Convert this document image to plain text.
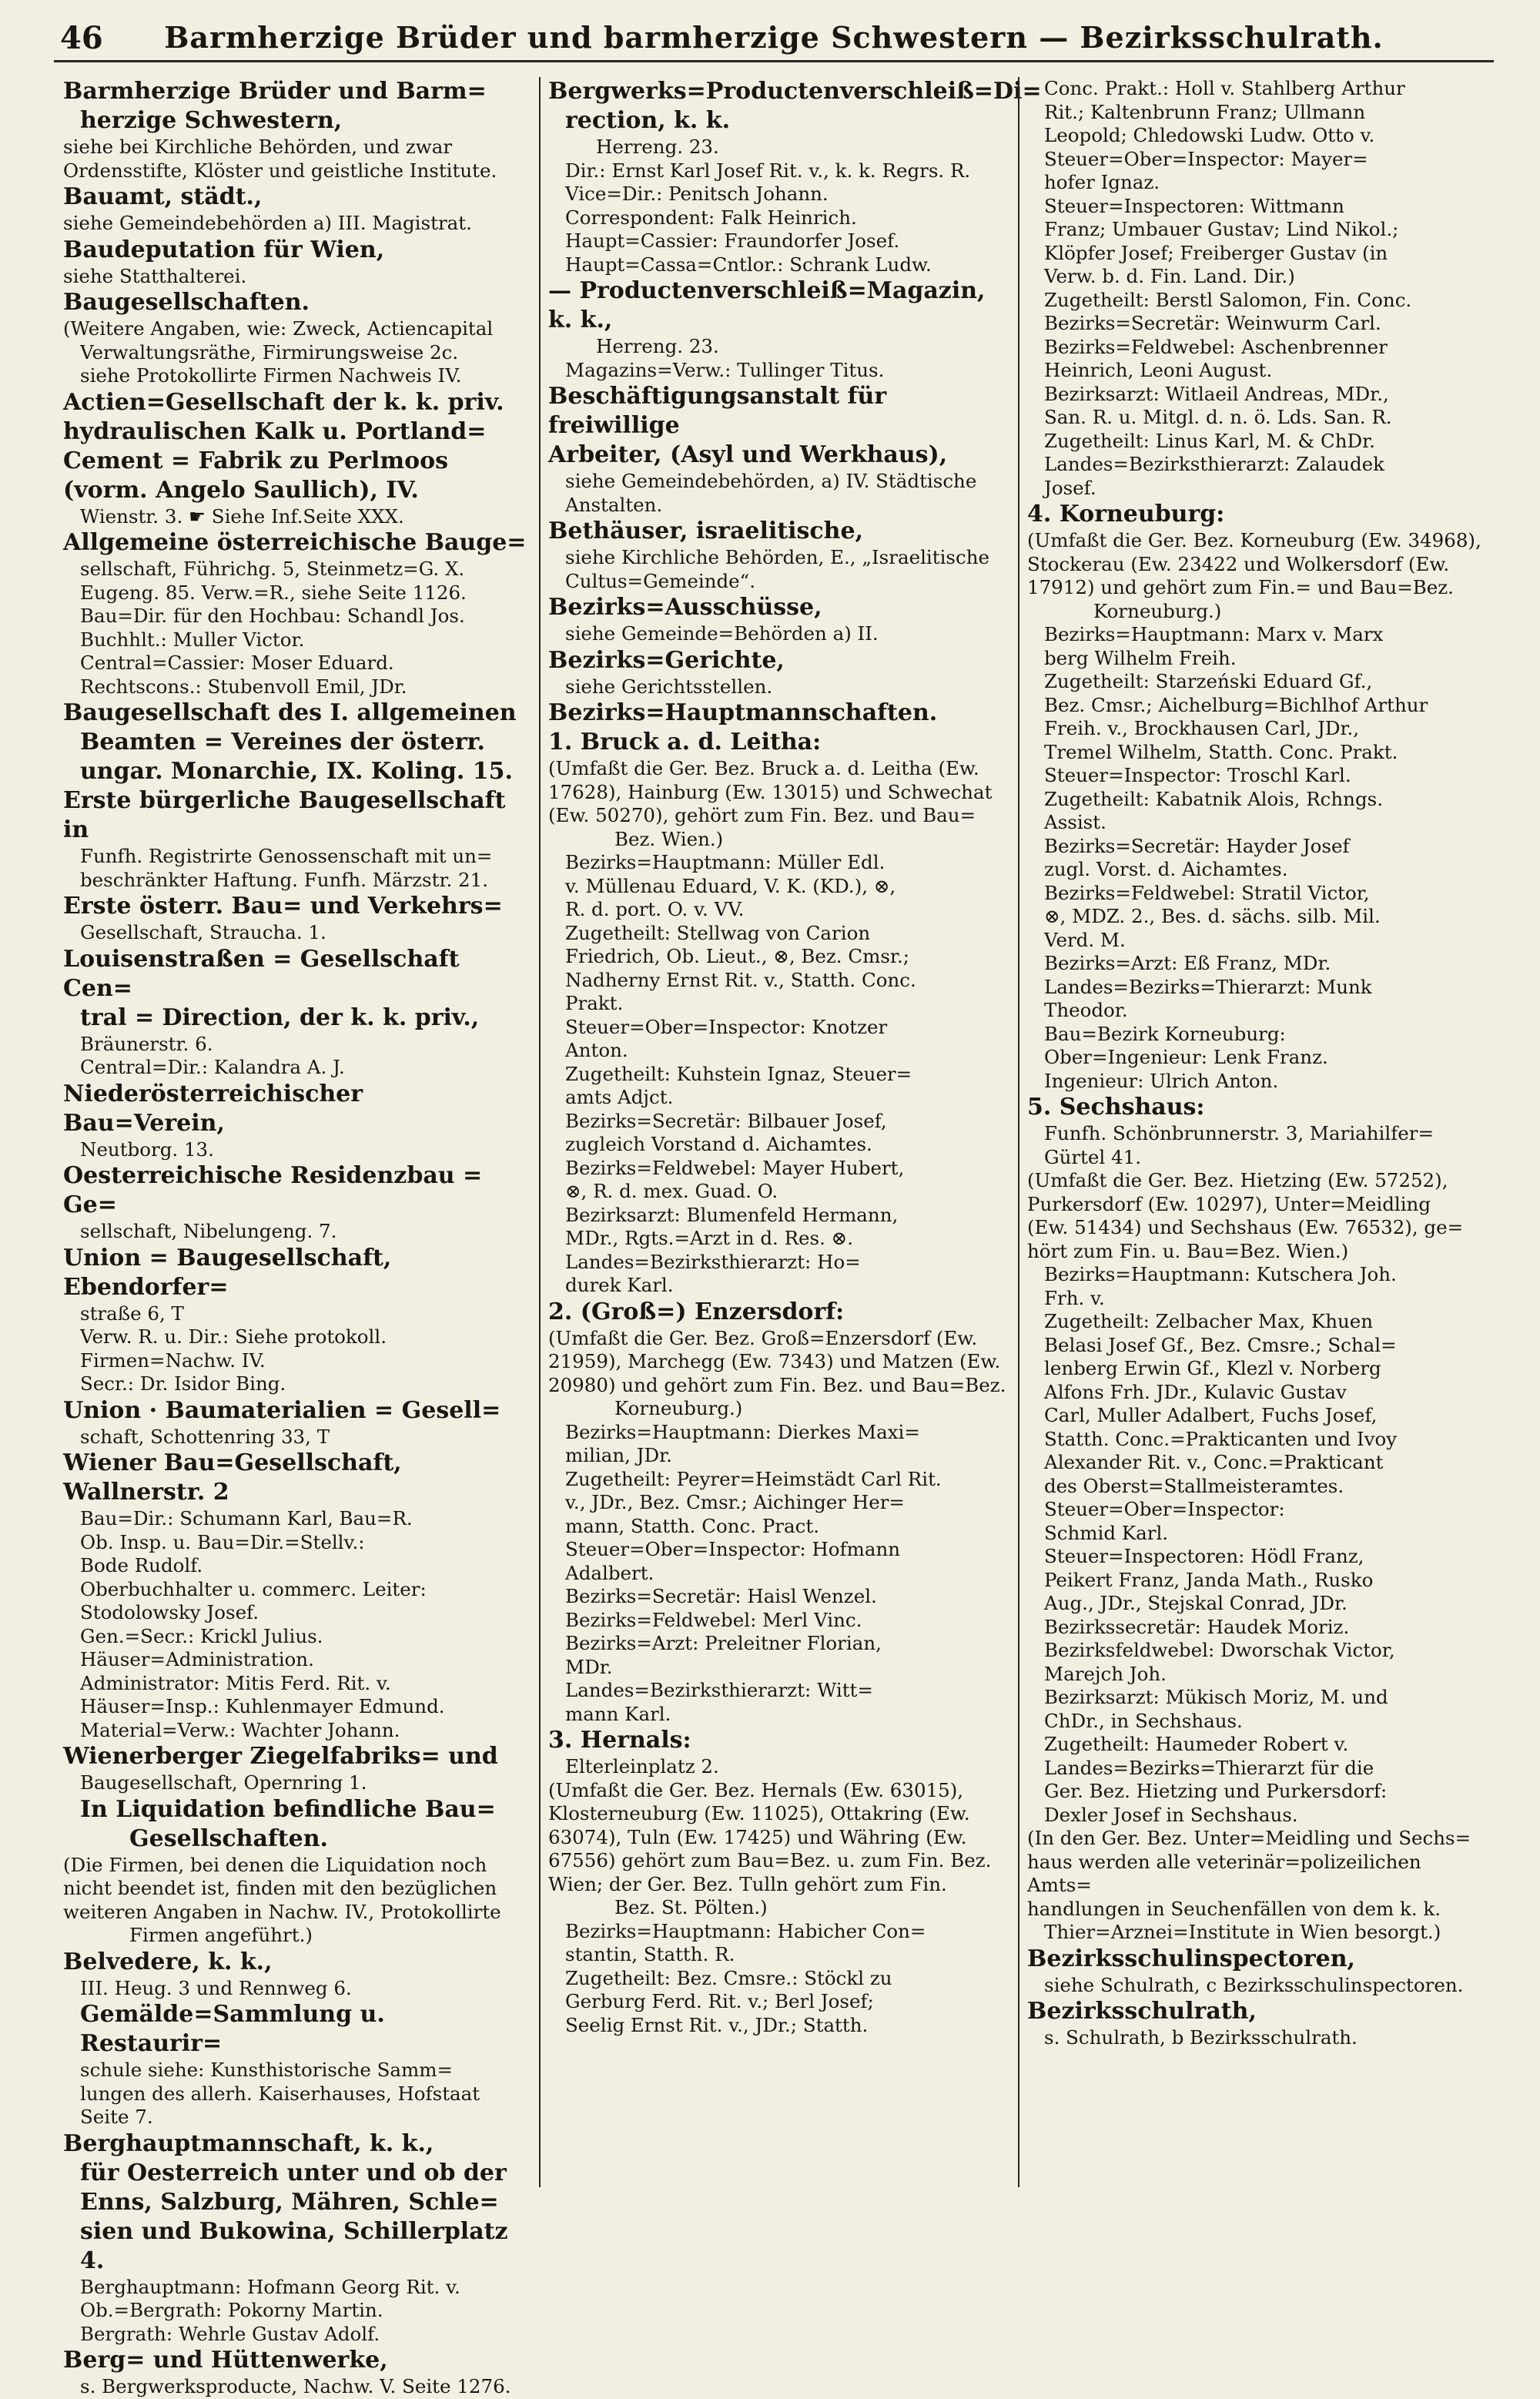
46	Barmherzige Brüder und barmherzige Schwestern — Bezirksschulrath.
Barmherzige Brüder und Barm=
herzige Schwestern,
siehe bei Kirchliche Behörden, und zwar
Ordensstifte, Klöster und geistliche Institute.
Bauamt, städt.,
siehe Gemeindebehörden a) III. Magistrat.
Baudeputation für Wien,
siehe Statthalterei.
Baugesellschaften.
(Weitere Angaben, wie: Zweck, Actiencapital
Verwaltungsräthe, Firmirungsweise 2c.
siehe Protokollirte Firmen Nachweis IV.
Actien=Gesellschaft der k. k. priv.
hydraulischen Kalk u. Portland=
Cement = Fabrik zu Perlmoos
(vorm. Angelo Saullich), IV.
Wienstr. 3. ☛ Siehe Inf.Seite XXX.
Allgemeine österreichische Bauge=
sellschaft, Führichg. 5, Steinmetz=G. X.
Eugeng. 85. Verw.=R., siehe Seite 1126.
Bau=Dir. für den Hochbau: Schandl Jos.
Buchhlt.: Muller Victor.
Central=Cassier: Moser Eduard.
Rechtscons.: Stubenvoll Emil, JDr.
Baugesellschaft des I. allgemeinen
Beamten = Vereines der österr.
ungar. Monarchie, IX. Koling. 15.
Erste bürgerliche Baugesellschaft in
Funfh. Registrirte Genossenschaft mit un=
beschränkter Haftung. Funfh. Märzstr. 21.
Erste österr. Bau= und Verkehrs=
Gesellschaft, Straucha. 1.
Louisenstraßen = Gesellschaft Cen=
tral = Direction, der k. k. priv.,
Bräunerstr. 6.
Central=Dir.: Kalandra A. J.
Niederösterreichischer Bau=Verein,
Neutborg. 13.
Oesterreichische Residenzbau = Ge=
sellschaft, Nibelungeng. 7.
Union = Baugesellschaft, Ebendorfer=
straße 6, T
Verw. R. u. Dir.: Siehe protokoll.
Firmen=Nachw. IV.
Secr.: Dr. Isidor Bing.
Union · Baumaterialien = Gesell=
schaft, Schottenring 33, T
Wiener Bau=Gesellschaft, Wallnerstr. 2
Bau=Dir.: Schumann Karl, Bau=R.
Ob. Insp. u. Bau=Dir.=Stellv.:
Bode Rudolf.
Oberbuchhalter u. commerc. Leiter:
Stodolowsky Josef.
Gen.=Secr.: Krickl Julius.
Häuser=Administration.
Administrator: Mitis Ferd. Rit. v.
Häuser=Insp.: Kuhlenmayer Edmund.
Material=Verw.: Wachter Johann.
Wienerberger Ziegelfabriks= und
Baugesellschaft, Opernring 1.
In Liquidation befindliche Bau=
Gesellschaften.
(Die Firmen, bei denen die Liquidation noch
nicht beendet ist, finden mit den bezüglichen
weiteren Angaben in Nachw. IV., Protokollirte
Firmen angeführt.)
Belvedere, k. k.,
III. Heug. 3 und Rennweg 6.
Gemälde=Sammlung u. Restaurir=
schule siehe: Kunsthistorische Samm=
lungen des allerh. Kaiserhauses, Hofstaat
Seite 7.
Berghauptmannschaft, k. k.,
für Oesterreich unter und ob der
Enns, Salzburg, Mähren, Schle=
sien und Bukowina, Schillerplatz 4.
Berghauptmann: Hofmann Georg Rit. v.
Ob.=Bergrath: Pokorny Martin.
Bergrath: Wehrle Gustav Adolf.
Berg= und Hüttenwerke,
s. Bergwerksproducte, Nachw. V. Seite 1276.
Bergwerks=Productenverschleiß=Di=
rection, k. k.
Herreng. 23.
Dir.: Ernst Karl Josef Rit. v., k. k. Regrs. R.
Vice=Dir.: Penitsch Johann.
Correspondent: Falk Heinrich.
Haupt=Cassier: Fraundorfer Josef.
Haupt=Cassa=Cntlor.: Schrank Ludw.
— Productenverschleiß=Magazin, k. k.,
Herreng. 23.
Magazins=Verw.: Tullinger Titus.
Beschäftigungsanstalt für freiwillige
Arbeiter, (Asyl und Werkhaus),
siehe Gemeindebehörden, a) IV. Städtische
Anstalten.
Bethäuser, israelitische,
siehe Kirchliche Behörden, E., „Israelitische
Cultus=Gemeinde“.
Bezirks=Ausschüsse,
siehe Gemeinde=Behörden a) II.
Bezirks=Gerichte,
siehe Gerichtsstellen.
Bezirks=Hauptmannschaften.
1. Bruck a. d. Leitha:
(Umfaßt die Ger. Bez. Bruck a. d. Leitha (Ew.
17628), Hainburg (Ew. 13015) und Schwechat
(Ew. 50270), gehört zum Fin. Bez. und Bau=
Bez. Wien.)
Bezirks=Hauptmann: Müller Edl.
v. Müllenau Eduard, V. K. (KD.), ⊗,
R. d. port. O. v. VV.
Zugetheilt: Stellwag von Carion
Friedrich, Ob. Lieut., ⊗, Bez. Cmsr.;
Nadherny Ernst Rit. v., Statth. Conc.
Prakt.
Steuer=Ober=Inspector: Knotzer
Anton.
Zugetheilt: Kuhstein Ignaz, Steuer=
amts Adjct.
Bezirks=Secretär: Bilbauer Josef,
zugleich Vorstand d. Aichamtes.
Bezirks=Feldwebel: Mayer Hubert,
⊗, R. d. mex. Guad. O.
Bezirksarzt: Blumenfeld Hermann,
MDr., Rgts.=Arzt in d. Res. ⊗.
Landes=Bezirksthierarzt: Ho=
durek Karl.
2. (Groß=) Enzersdorf:
(Umfaßt die Ger. Bez. Groß=Enzersdorf (Ew.
21959), Marchegg (Ew. 7343) und Matzen (Ew.
20980) und gehört zum Fin. Bez. und Bau=Bez.
Korneuburg.)
Bezirks=Hauptmann: Dierkes Maxi=
milian, JDr.
Zugetheilt: Peyrer=Heimstädt Carl Rit.
v., JDr., Bez. Cmsr.; Aichinger Her=
mann, Statth. Conc. Pract.
Steuer=Ober=Inspector: Hofmann
Adalbert.
Bezirks=Secretär: Haisl Wenzel.
Bezirks=Feldwebel: Merl Vinc.
Bezirks=Arzt: Preleitner Florian,
MDr.
Landes=Bezirksthierarzt: Witt=
mann Karl.
3. Hernals:
Elterleinplatz 2.
(Umfaßt die Ger. Bez. Hernals (Ew. 63015),
Klosterneuburg (Ew. 11025), Ottakring (Ew.
63074), Tuln (Ew. 17425) und Währing (Ew.
67556) gehört zum Bau=Bez. u. zum Fin. Bez.
Wien; der Ger. Bez. Tulln gehört zum Fin.
Bez. St. Pölten.)
Bezirks=Hauptmann: Habicher Con=
stantin, Statth. R.
Zugetheilt: Bez. Cmsre.: Stöckl zu
Gerburg Ferd. Rit. v.; Berl Josef;
Seelig Ernst Rit. v., JDr.; Statth.
Conc. Prakt.: Holl v. Stahlberg Arthur
Rit.; Kaltenbrunn Franz; Ullmann
Leopold; Chledowski Ludw. Otto v.
Steuer=Ober=Inspector: Mayer=
hofer Ignaz.
Steuer=Inspectoren: Wittmann
Franz; Umbauer Gustav; Lind Nikol.;
Klöpfer Josef; Freiberger Gustav (in
Verw. b. d. Fin. Land. Dir.)
Zugetheilt: Berstl Salomon, Fin. Conc.
Bezirks=Secretär: Weinwurm Carl.
Bezirks=Feldwebel: Aschenbrenner
Heinrich, Leoni August.
Bezirksarzt: Witlaeil Andreas, MDr.,
San. R. u. Mitgl. d. n. ö. Lds. San. R.
Zugetheilt: Linus Karl, M. & ChDr.
Landes=Bezirksthierarzt: Zalaudek
Josef.
4. Korneuburg:
(Umfaßt die Ger. Bez. Korneuburg (Ew. 34968),
Stockerau (Ew. 23422 und Wolkersdorf (Ew.
17912) und gehört zum Fin.= und Bau=Bez.
Korneuburg.)
Bezirks=Hauptmann: Marx v. Marx
berg Wilhelm Freih.
Zugetheilt: Starzeński Eduard Gf.,
Bez. Cmsr.; Aichelburg=Bichlhof Arthur
Freih. v., Brockhausen Carl, JDr.,
Tremel Wilhelm, Statth. Conc. Prakt.
Steuer=Inspector: Troschl Karl.
Zugetheilt: Kabatnik Alois, Rchngs.
Assist.
Bezirks=Secretär: Hayder Josef
zugl. Vorst. d. Aichamtes.
Bezirks=Feldwebel: Stratil Victor,
⊗, MDZ. 2., Bes. d. sächs. silb. Mil.
Verd. M.
Bezirks=Arzt: Eß Franz, MDr.
Landes=Bezirks=Thierarzt: Munk
Theodor.
Bau=Bezirk Korneuburg:
Ober=Ingenieur: Lenk Franz.
Ingenieur: Ulrich Anton.
5. Sechshaus:
Funfh. Schönbrunnerstr. 3, Mariahilfer=
Gürtel 41.
(Umfaßt die Ger. Bez. Hietzing (Ew. 57252),
Purkersdorf (Ew. 10297), Unter=Meidling
(Ew. 51434) und Sechshaus (Ew. 76532), ge=
hört zum Fin. u. Bau=Bez. Wien.)
Bezirks=Hauptmann: Kutschera Joh.
Frh. v.
Zugetheilt: Zelbacher Max, Khuen
Belasi Josef Gf., Bez. Cmsre.; Schal=
lenberg Erwin Gf., Klezl v. Norberg
Alfons Frh. JDr., Kulavic Gustav
Carl, Muller Adalbert, Fuchs Josef,
Statth. Conc.=Prakticanten und Ivoy
Alexander Rit. v., Conc.=Prakticant
des Oberst=Stallmeisteramtes.
Steuer=Ober=Inspector:
Schmid Karl.
Steuer=Inspectoren: Hödl Franz,
Peikert Franz, Janda Math., Rusko
Aug., JDr., Stejskal Conrad, JDr.
Bezirkssecretär: Haudek Moriz.
Bezirksfeldwebel: Dworschak Victor,
Marejch Joh.
Bezirksarzt: Mükisch Moriz, M. und
ChDr., in Sechshaus.
Zugetheilt: Haumeder Robert v.
Landes=Bezirks=Thierarzt für die
Ger. Bez. Hietzing und Purkersdorf:
Dexler Josef in Sechshaus.
(In den Ger. Bez. Unter=Meidling und Sechs=
haus werden alle veterinär=polizeilichen Amts=
handlungen in Seuchenfällen von dem k. k.
Thier=Arznei=Institute in Wien besorgt.)
Bezirksschulinspectoren,
siehe Schulrath, c Bezirksschulinspectoren.
Bezirksschulrath,
s. Schulrath, b Bezirksschulrath.
